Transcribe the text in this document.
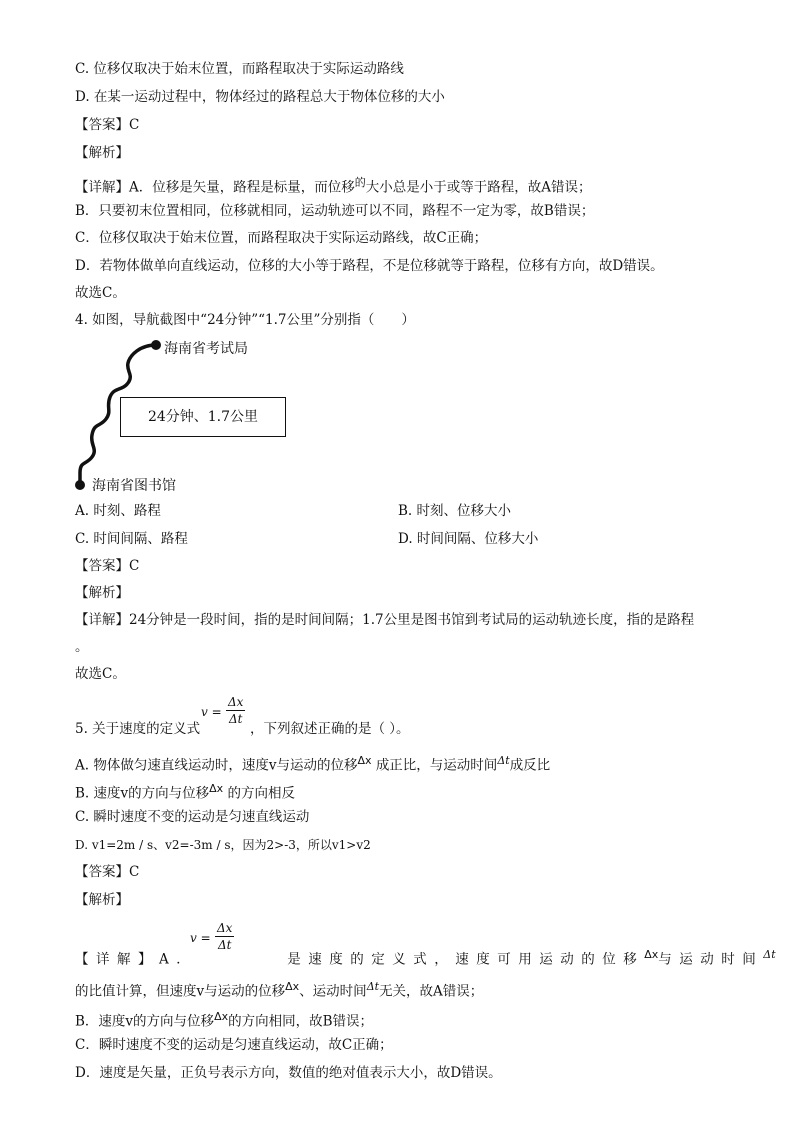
C. 位移仅取决于始末位置，而路程取决于实际运动路线
D. 在某一运动过程中，物体经过的路程总大于物体位移的大小
【答案】C
【解析】
【详解】A．位移是矢量，路程是标量，而位移$^的$大小总是小于或等于路程，故A错误；
B．只要初末位置相同，位移就相同，运动轨迹可以不同，路程不一定为零，故B错误；
C．位移仅取决于始末位置，而路程取决于实际运动路线，故C正确；
D．若物体做单向直线运动，位移的大小等于路程，不是位移就等于路程，位移有方向，故D错误。
故选C。
4. 如图，导航截图中“24分钟”“1.7公里”分别指（　　）
海南省考试局
24分钟、1.7公里
海南省图书馆
A. 时刻、路程	B. 时刻、位移大小
C. 时间间隔、路程	D. 时间间隔、位移大小
【答案】C
【解析】
【详解】24分钟是一段时间，指的是时间间隔；1.7公里是图书馆到考试局的运动轨迹长度，指的是路程
。
故选C。
5. 关于速度的定义式
$v = \frac{\Delta x}{\Delta t}$
，下列叙述正确的是（ ）。
A. 物体做匀速直线运动时，速度v与运动的位移$^{\Delta x}$ 成正比，与运动时间$^{\Delta t}$成反比
B. 速度v的方向与位移$^{\Delta x}$ 的方向相反
C. 瞬时速度不变的运动是匀速直线运动
D. v1=2m / s、v2=-3m / s，因为2>-3，所以v1>v2
【答案】C
【解析】
【详解】A．	是速度的定义式，速度可用运动的位移$^{\Delta x}$与运动时间$^{\Delta t}$
$v = \frac{\Delta x}{\Delta t}$
的比值计算，但速度v与运动的位移$^{\Delta x}$、运动时间$^{\Delta t}$无关，故A错误；
B．速度v的方向与位移$^{\Delta x}$的方向相同，故B错误；
C．瞬时速度不变的运动是匀速直线运动，故C正确；
D．速度是矢量，正负号表示方向，数值的绝对值表示大小，故D错误。
